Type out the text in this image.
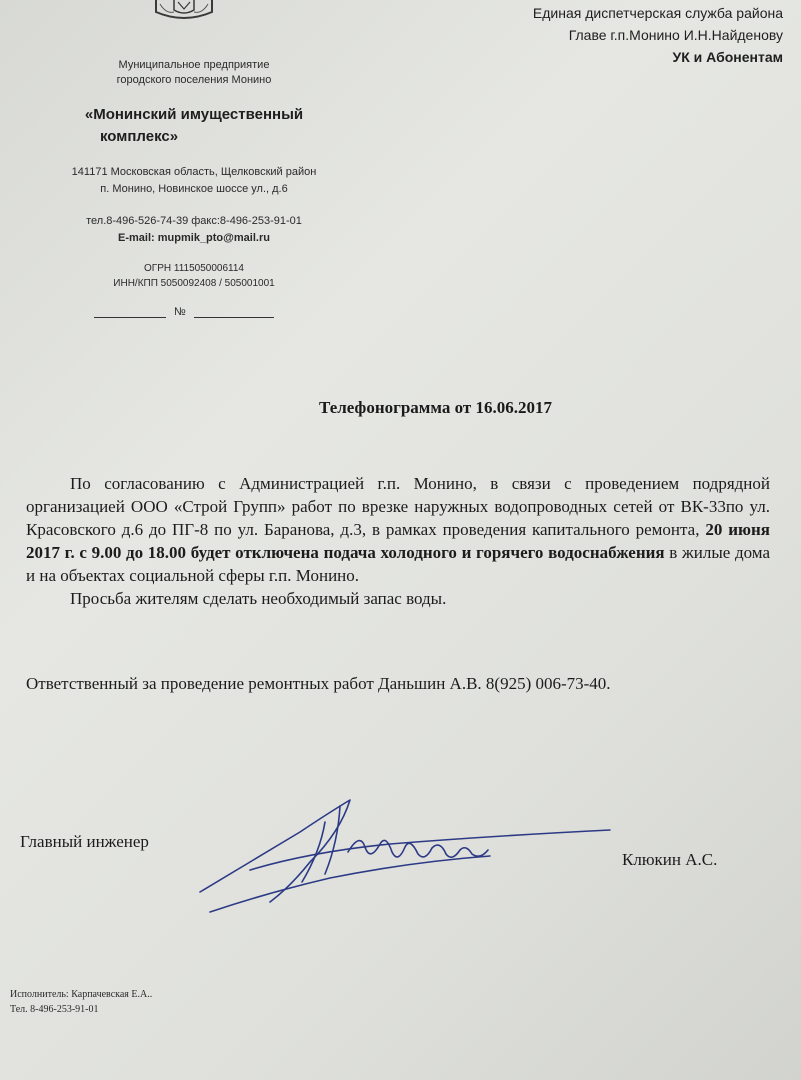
Муниципальное предприятие
городского поселения Монино
«Монинский имущественный
комплекс»
141171 Московская область, Щелковский район
п. Монино, Новинское шоссе ул., д.6
тел.8-496-526-74-39 факс:8-496-253-91-01
E-mail: mupmik_pto@mail.ru
ОГРН 1115050006114
ИНН/КПП 5050092408 / 505001001
№
Единая диспетчерская служба района
Главе г.п.Монино И.Н.Найденову
УК и Абонентам
Телефонограмма от 16.06.2017

По согласованию с Администрацией г.п. Монино, в связи с проведением подрядной организацией ООО «Строй Групп» работ по врезке наружных водопроводных сетей от ВК-33по ул. Красовского д.6 до ПГ-8 по ул. Баранова, д.3, в рамках проведения капитального ремонта, 20 июня 2017 г. с 9.00 до 18.00 будет отключена подача холодного и горячего водоснабжения в жилые дома и на объектах социальной сферы г.п. Монино.

Просьба жителям сделать необходимый запас воды.

Ответственный за проведение ремонтных работ Даньшин А.В. 8(925) 006-73-40.
Главный инженер
Клюкин А.С.
Исполнитель: Карпачевская Е.А..
Тел. 8-496-253-91-01
